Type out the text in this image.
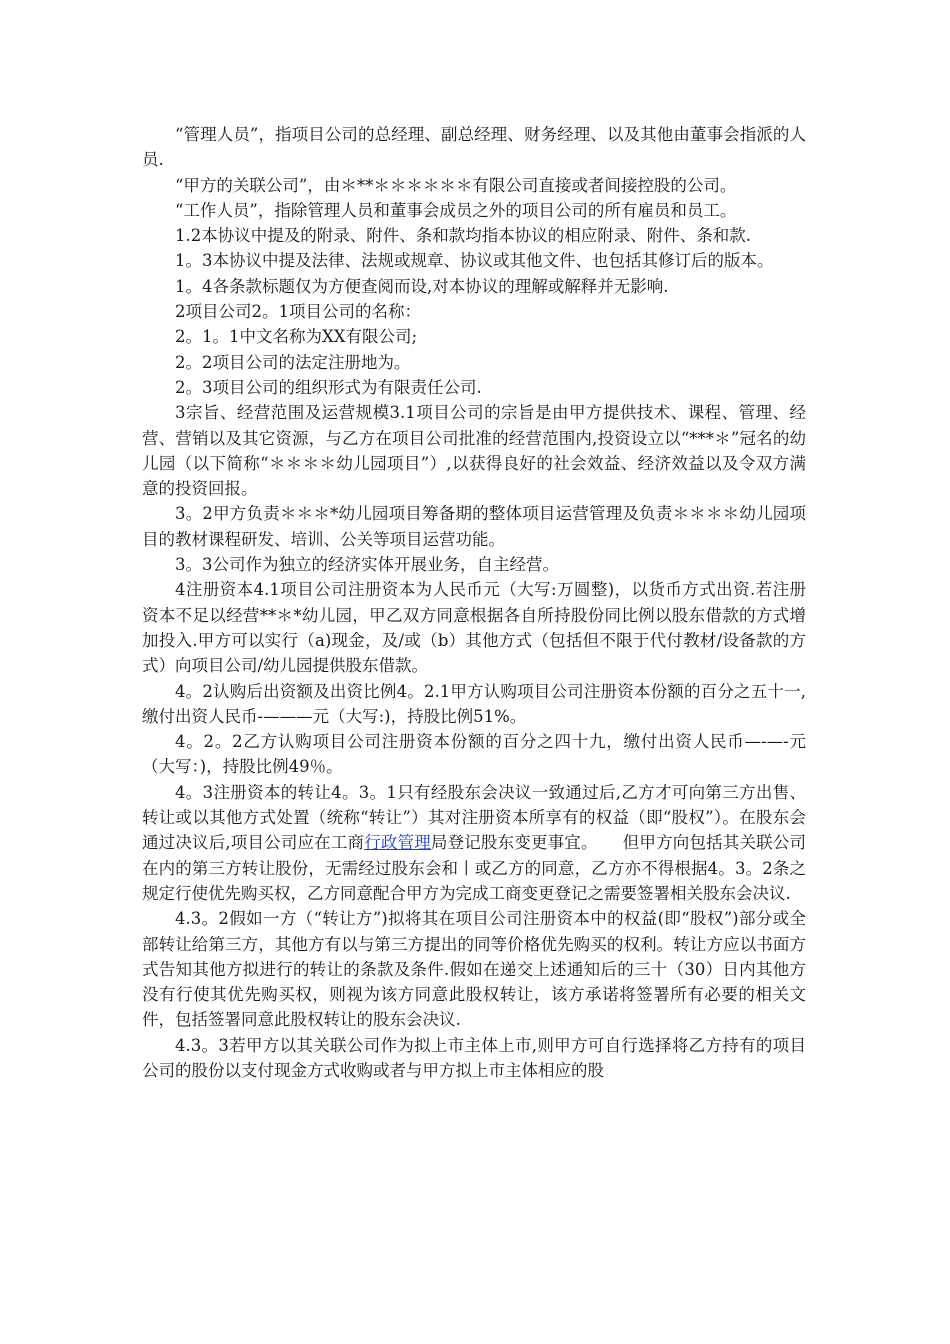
“管理人员”，指项目公司的总经理、副总经理、财务经理、以及其他由董事会指派的人员.

“甲方的关联公司”，由＊**＊＊＊＊＊＊有限公司直接或者间接控股的公司。

“工作人员”，指除管理人员和董事会成员之外的项目公司的所有雇员和员工。

1.2本协议中提及的附录、附件、条和款均指本协议的相应附录、附件、条和款.

1。3本协议中提及法律、法规或规章、协议或其他文件、也包括其修订后的版本。

1。4各条款标题仅为方便查阅而设,对本协议的理解或解释并无影响.

2项目公司2。1项目公司的名称：

2。1。1中文名称为XX有限公司;

2。2项目公司的法定注册地为。

2。3项目公司的组织形式为有限责任公司.

3宗旨、经营范围及运营规模3.1项目公司的宗旨是由甲方提供技术、课程、管理、经营、营销以及其它资源，与乙方在项目公司批准的经营范围内,投资设立以“***＊”冠名的幼儿园（以下简称“＊＊＊＊幼儿园项目”）,以获得良好的社会效益、经济效益以及令双方满意的投资回报。

3。2甲方负责＊＊＊*幼儿园项目筹备期的整体项目运营管理及负责＊＊＊＊幼儿园项目的教材课程研发、培训、公关等项目运营功能。

3。3公司作为独立的经济实体开展业务，自主经营。

4注册资本4.1项目公司注册资本为人民币元（大写:万圆整)，以货币方式出资.若注册资本不足以经营**＊*幼儿园，甲乙双方同意根据各自所持股份同比例以股东借款的方式增加投入.甲方可以实行（a)现金，及/或（b）其他方式（包括但不限于代付教材/设备款的方式）向项目公司/幼儿园提供股东借款。

4。2认购后出资额及出资比例4。2.1甲方认购项目公司注册资本份额的百分之五十一,缴付出资人民币-———元（大写:)，持股比例51%。

4。2。2乙方认购项目公司注册资本份额的百分之四十九，缴付出资人民币—-—-元（大写：)，持股比例49％。

4。3注册资本的转让4。3。1只有经股东会决议一致通过后,乙方才可向第三方出售、转让或以其他方式处置（统称“转让”）其对注册资本所享有的权益（即“股权”）。在股东会通过决议后,项目公司应在工商行政管理局登记股东变更事宜。　　但甲方向包括其关联公司在内的第三方转让股份，无需经过股东会和丨或乙方的同意，乙方亦不得根据4。3。2条之规定行使优先购买权，乙方同意配合甲方为完成工商变更登记之需要签署相关股东会决议.

4.3。2假如一方（“转让方”)拟将其在项目公司注册资本中的权益(即“股权”)部分或全部转让给第三方，其他方有以与第三方提出的同等价格优先购买的权利。转让方应以书面方式告知其他方拟进行的转让的条款及条件.假如在递交上述通知后的三十（30）日内其他方没有行使其优先购买权，则视为该方同意此股权转让，该方承诺将签署所有必要的相关文件，包括签署同意此股权转让的股东会决议.

4.3。3若甲方以其关联公司作为拟上市主体上市,则甲方可自行选择将乙方持有的项目公司的股份以支付现金方式收购或者与甲方拟上市主体相应的股
